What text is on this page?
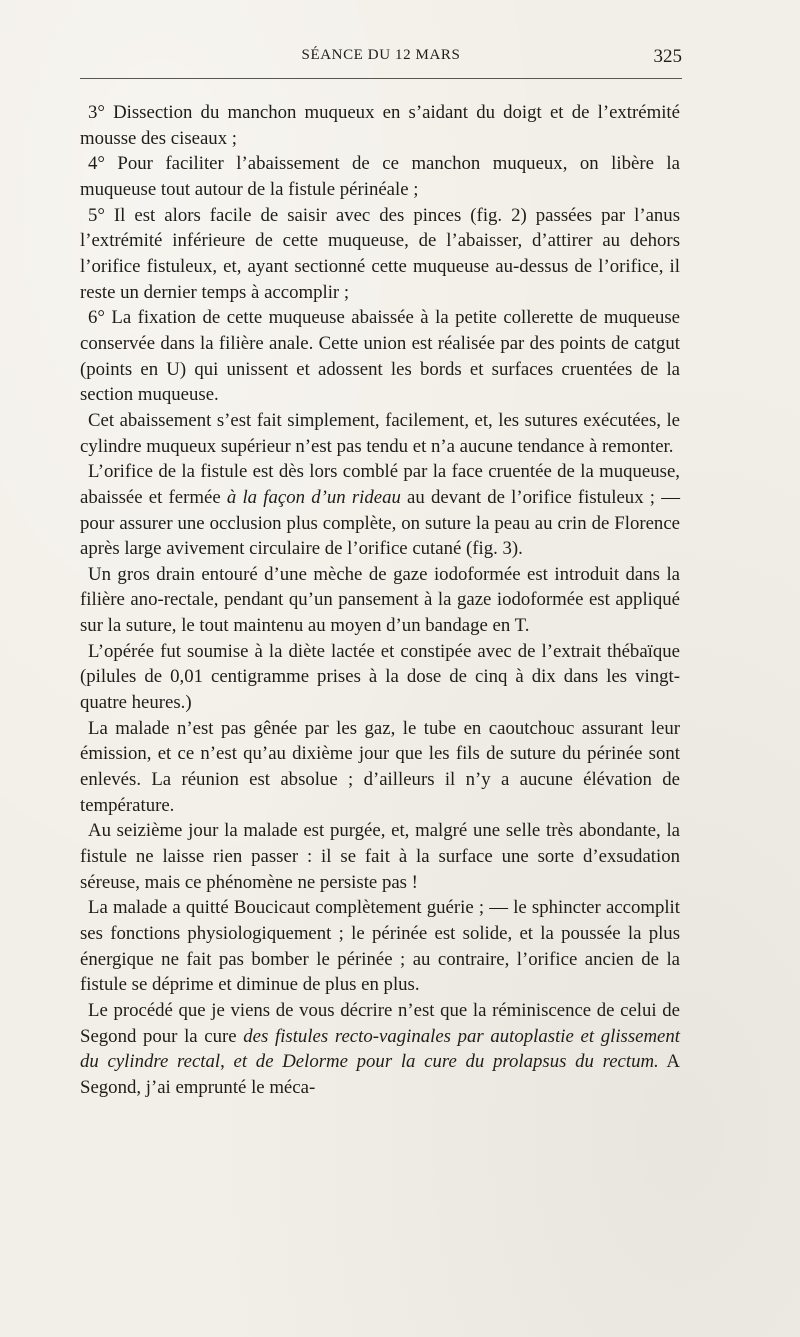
SÉANCE DU 12 MARS	325

3° Dissection du manchon muqueux en s’aidant du doigt et de l’extrémité mousse des ciseaux ;

4° Pour faciliter l’abaissement de ce manchon muqueux, on libère la muqueuse tout autour de la fistule périnéale ;

5° Il est alors facile de saisir avec des pinces (fig. 2) passées par l’anus l’extrémité inférieure de cette muqueuse, de l’abaisser, d’attirer au dehors l’orifice fistuleux, et, ayant sectionné cette muqueuse au-dessus de l’orifice, il reste un dernier temps à accomplir ;

6° La fixation de cette muqueuse abaissée à la petite collerette de muqueuse conservée dans la filière anale. Cette union est réalisée par des points de catgut (points en U) qui unissent et adossent les bords et surfaces cruentées de la section muqueuse.

Cet abaissement s’est fait simplement, facilement, et, les sutures exécutées, le cylindre muqueux supérieur n’est pas tendu et n’a aucune tendance à remonter.

L’orifice de la fistule est dès lors comblé par la face cruentée de la muqueuse, abaissée et fermée à la façon d’un rideau au devant de l’orifice fistuleux ; — pour assurer une occlusion plus complète, on suture la peau au crin de Florence après large avivement circulaire de l’orifice cutané (fig. 3).

Un gros drain entouré d’une mèche de gaze iodoformée est introduit dans la filière ano-rectale, pendant qu’un pansement à la gaze iodoformée est appliqué sur la suture, le tout maintenu au moyen d’un bandage en T.

L’opérée fut soumise à la diète lactée et constipée avec de l’extrait thébaïque (pilules de 0,01 centigramme prises à la dose de cinq à dix dans les vingt-quatre heures.)

La malade n’est pas gênée par les gaz, le tube en caoutchouc assurant leur émission, et ce n’est qu’au dixième jour que les fils de suture du périnée sont enlevés. La réunion est absolue ; d’ailleurs il n’y a aucune élévation de température.

Au seizième jour la malade est purgée, et, malgré une selle très abondante, la fistule ne laisse rien passer : il se fait à la surface une sorte d’exsudation séreuse, mais ce phénomène ne persiste pas !

La malade a quitté Boucicaut complètement guérie ; — le sphincter accomplit ses fonctions physiologiquement ; le périnée est solide, et la poussée la plus énergique ne fait pas bomber le périnée ; au contraire, l’orifice ancien de la fistule se déprime et diminue de plus en plus.

Le procédé que je viens de vous décrire n’est que la réminiscence de celui de Segond pour la cure des fistules recto-vaginales par autoplastie et glissement du cylindre rectal, et de Delorme pour la cure du prolapsus du rectum. A Segond, j’ai emprunté le méca-
